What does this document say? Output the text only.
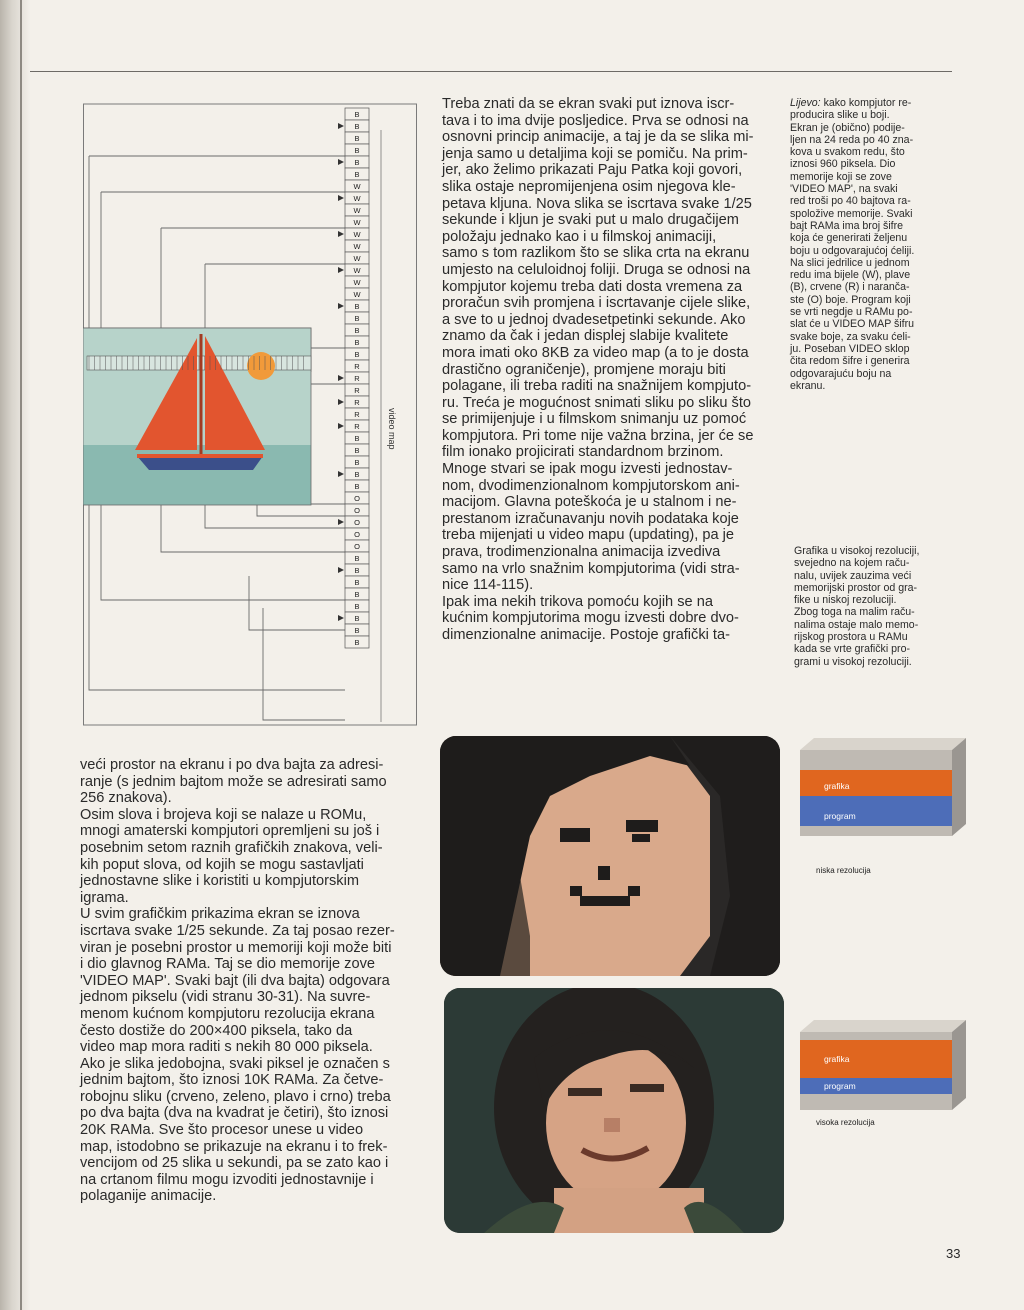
B
B
B
B
B
B
W
W
W
W
W
W
W
W
W
W
B
B
B
B
B
R
R
R
R
R
R
B
B
B
B
B
O
O
O
O
O
B
B
B
B
B
B
B
B
video map

Treba znati da se ekran svaki put iznova iscr-
tava i to ima dvije posljedice. Prva se odnosi na
osnovni princip animacije, a taj je da se slika mi-
jenja samo u detaljima koji se pomiču. Na prim-
jer, ako želimo prikazati Paju Patka koji govori,
slika ostaje nepromijenjena osim njegova kle-
petava kljuna. Nova slika se iscrtava svake 1/25
sekunde i kljun je svaki put u malo drugačijem
položaju jednako kao i u filmskoj animaciji,
samo s tom razlikom što se slika crta na ekranu
umjesto na celuloidnoj foliji. Druga se odnosi na
kompjutor kojemu treba dati dosta vremena za
proračun svih promjena i iscrtavanje cijele slike,
a sve to u jednoj dvadesetpetinki sekunde. Ako
znamo da čak i jedan displej slabije kvalitete
mora imati oko 8KB za video map (a to je dosta
drastično ograničenje), promjene moraju biti
polagane, ili treba raditi na snažnijem kompjuto-
ru. Treća je mogućnost snimati sliku po sliku što
se primijenjuje i u filmskom snimanju uz pomoć
kompjutora. Pri tome nije važna brzina, jer će se
film ionako projicirati standardnom brzinom.
Mnoge stvari se ipak mogu izvesti jednostav-
nom, dvodimenzionalnom kompjutorskom ani-
macijom. Glavna poteškoća je u stalnom i ne-
prestanom izračunavanju novih podataka koje
treba mijenjati u video mapu (updating), pa je
prava, trodimenzionalna animacija izvediva
samo na vrlo snažnim kompjutorima (vidi stra-
nice 114-115).
Ipak ima nekih trikova pomoću kojih se na
kućnim kompjutorima mogu izvesti dobre dvo-
dimenzionalne animacije. Postoje grafički ta-

Lijevo: kako kompjutor re-
producira slike u boji.
Ekran je (obično) podije-
ljen na 24 reda po 40 zna-
kova u svakom redu, što
iznosi 960 piksela. Dio
memorije koji se zove
'VIDEO MAP', na svaki
red troši po 40 bajtova ra-
spoložive memorije. Svaki
bajt RAMa ima broj šifre
koja će generirati željenu
boju u odgovarajućoj ćeliji.
Na slici jedrilice u jednom
redu ima bijele (W), plave
(B), crvene (R) i naranča-
ste (O) boje. Program koji
se vrti negdje u RAMu po-
slat će u VIDEO MAP šifru
svake boje, za svaku ćeli-
ju. Poseban VIDEO sklop
čita redom šifre i generira
odgovarajuću boju na
ekranu.

Grafika u visokoj rezoluciji,
svejedno na kojem raču-
nalu, uvijek zauzima veći
memorijski prostor od gra-
fike u niskoj rezoluciji.
Zbog toga na malim raču-
nalima ostaje malo memo-
rijskog prostora u RAMu
kada se vrte grafički pro-
grami u visokoj rezoluciji.

veći prostor na ekranu i po dva bajta za adresi-
ranje (s jednim bajtom može se adresirati samo
256 znakova).
Osim slova i brojeva koji se nalaze u ROMu,
mnogi amaterski kompjutori opremljeni su još i
posebnim setom raznih grafičkih znakova, veli-
kih poput slova, od kojih se mogu sastavljati
jednostavne slike i koristiti u kompjutorskim
igrama.
U svim grafičkim prikazima ekran se iznova
iscrtava svake 1/25 sekunde. Za taj posao rezer-
viran je posebni prostor u memoriji koji može biti
i dio glavnog RAMa. Taj se dio memorije zove
'VIDEO MAP'. Svaki bajt (ili dva bajta) odgovara
jednom pikselu (vidi stranu 30-31). Na suvre-
menom kućnom kompjutoru rezolucija ekrana
često dostiže do 200×400 piksela, tako da
video map mora raditi s nekih 80 000 piksela.
Ako je slika jedobojna, svaki piksel je označen s
jednim bajtom, što iznosi 10K RAMa. Za četve-
robojnu sliku (crveno, zeleno, plavo i crno) treba
po dva bajta (dva na kvadrat je četiri), što iznosi
20K RAMa. Sve što procesor unese u video
map, istodobno se prikazuje na ekranu i to frek-
vencijom od 25 slika u sekundi, pa se zato kao i
na crtanom filmu mogu izvoditi jednostavnije i
polaganije animacije.

grafika
program
niska rezolucija
grafika
program
visoka rezolucija
33
